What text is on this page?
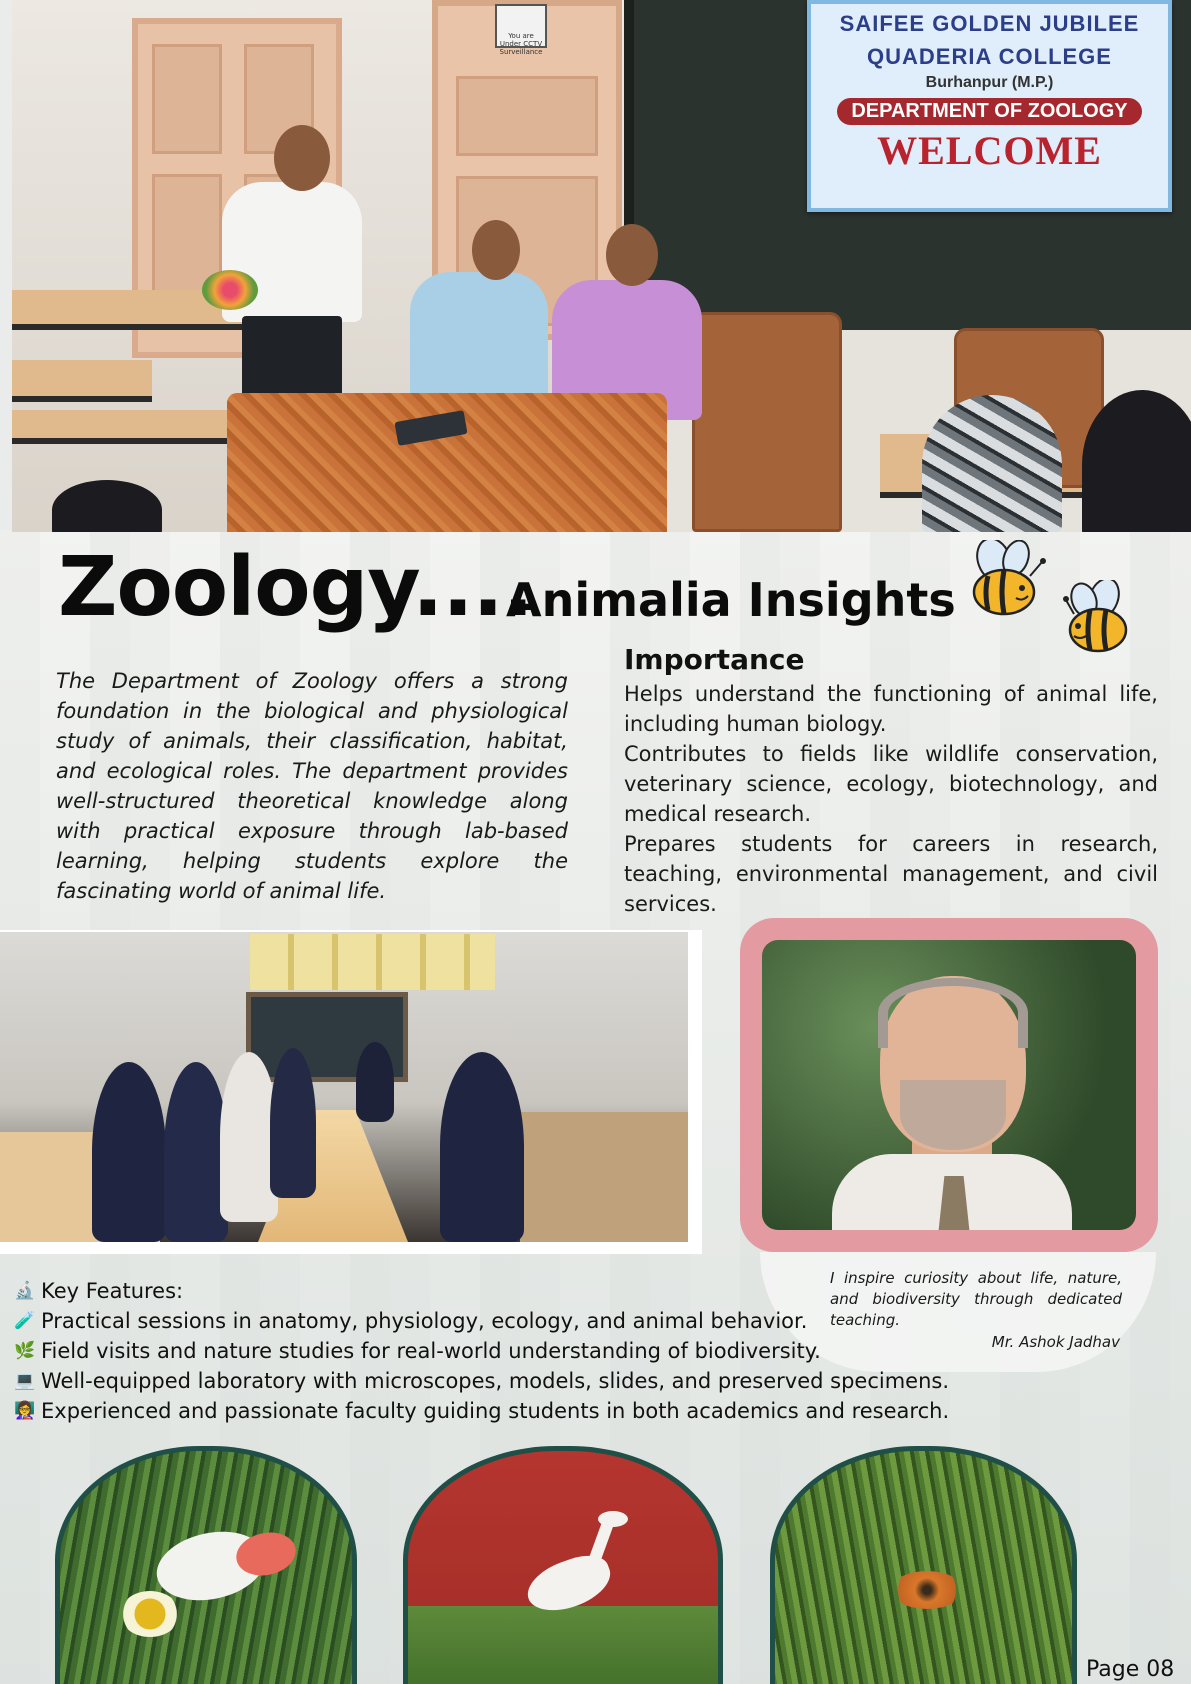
You are Under CCTV Surveillance
SAIFEE GOLDEN JUBILEE
QUADERIA COLLEGE
Burhanpur (M.P.)
DEPARTMENT OF ZOOLOGY
WELCOME
Zoology....
Animalia Insights
The Department of Zoology offers a strong foundation in the biological and physiological study of animals, their classification, habitat, and ecological roles. The department provides well-structured theoretical knowledge along with practical exposure through lab-based learning, helping students explore the fascinating world of animal life.
Importance

Helps understand the functioning of animal life, including human biology.

Contributes to fields like wildlife conservation, veterinary science, ecology, biotechnology, and medical research.

Prepares students for careers in research, teaching, environmental management, and civil services.

I inspire curiosity about life, nature, and biodiversity through dedicated teaching.
Mr. Ashok Jadhav
🔬 Key Features:
🧪 Practical sessions in anatomy, physiology, ecology, and animal behavior.
🌿 Field visits and nature studies for real-world understanding of biodiversity.
💻 Well-equipped laboratory with microscopes, models, slides, and preserved specimens.
👩‍🏫 Experienced and passionate faculty guiding students in both academics and research.
Page 08
